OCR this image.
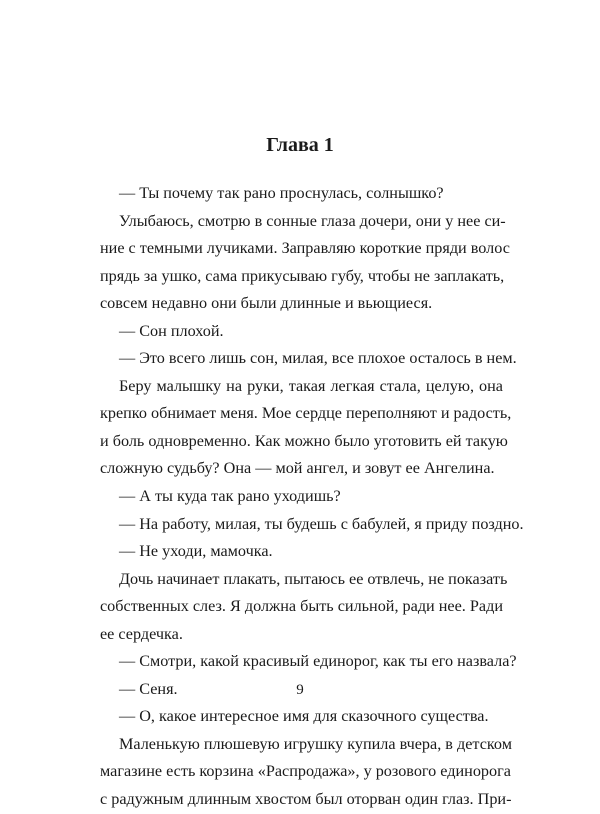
Глава 1
— Ты почему так рано проснулась, солнышко?
Улыбаюсь, смотрю в сонные глаза дочери, они у нее си-
ние с темными лучиками. Заправляю короткие пряди волос
прядь за ушко, сама прикусываю губу, чтобы не заплакать,
совсем недавно они были длинные и вьющиеся.
— Сон плохой.
— Это всего лишь сон, милая, все плохое осталось в нем.
Беру малышку на руки, такая легкая стала, целую, она
крепко обнимает меня. Мое сердце переполняют и радость,
и боль одновременно. Как можно было уготовить ей такую
сложную судьбу? Она — мой ангел, и зовут ее Ангелина.
— А ты куда так рано уходишь?
— На работу, милая, ты будешь с бабулей, я приду поздно.
— Не уходи, мамочка.
Дочь начинает плакать, пытаюсь ее отвлечь, не показать
собственных слез. Я должна быть сильной, ради нее. Ради
ее сердечка.
— Смотри, какой красивый единорог, как ты его назвала?
— Сеня.
— О, какое интересное имя для сказочного существа.
Маленькую плюшевую игрушку купила вчера, в детском
магазине есть корзина «Распродажа», у розового единорога
с радужным длинным хвостом был оторван один глаз. При-
9
